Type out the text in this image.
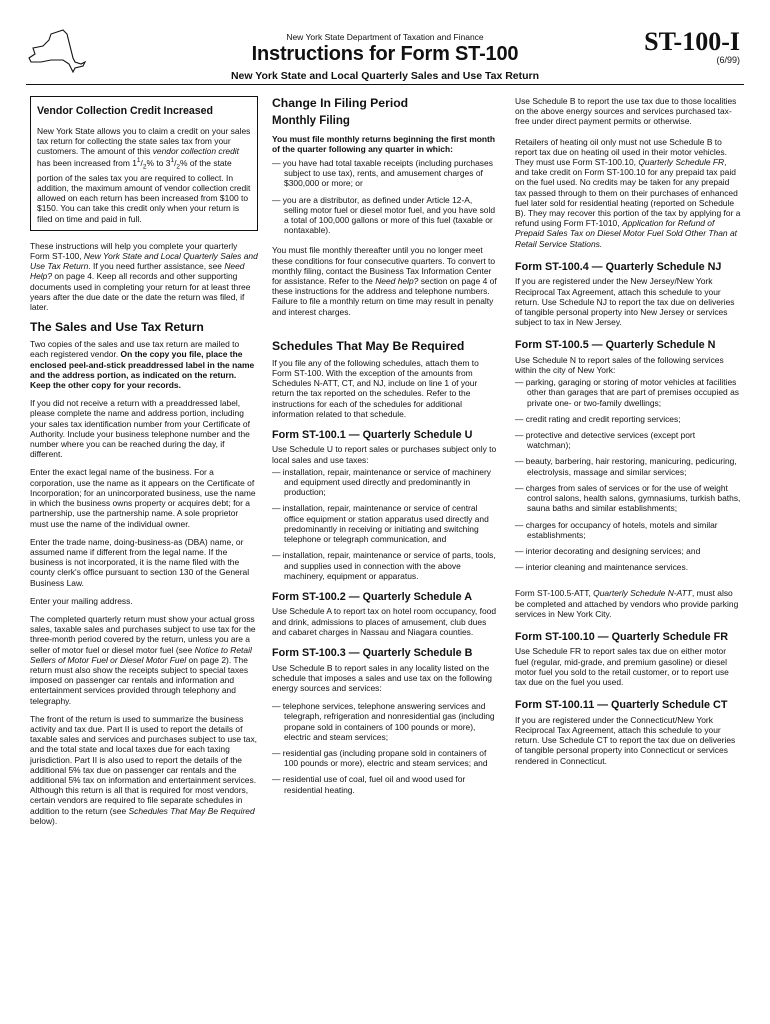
New York State Department of Taxation and Finance
Instructions for Form ST-100
New York State and Local Quarterly Sales and Use Tax Return
ST-100-I
(6/99)
Vendor Collection Credit Increased

New York State allows you to claim a credit on your sales tax return for collecting the state sales tax from your customers. The amount of this vendor collection credit has been increased from $1^1/_2\%$ to $3^1/_2\%$ of the state portion of the sales tax you are required to collect. In addition, the maximum amount of vendor collection credit allowed on each return has been increased from $100 to $150. You can take this credit only when your return is filed on time and paid in full.

These instructions will help you complete your quarterly Form ST-100, New York State and Local Quarterly Sales and Use Tax Return. If you need further assistance, see Need Help? on page 4. Keep all records and other supporting documents used in completing your return for at least three years after the due date or the date the return was filed, if later.

The Sales and Use Tax Return

Two copies of the sales and use tax return are mailed to each registered vendor. On the copy you file, place the enclosed peel-and-stick preaddressed label in the name and the address portion, as indicated on the return. Keep the other copy for your records.

If you did not receive a return with a preaddressed label, please complete the name and address portion, including your sales tax identification number from your Certificate of Authority. Include your business telephone number and the number where you can be reached during the day, if different.

Enter the exact legal name of the business. For a corporation, use the name as it appears on the Certificate of Incorporation; for an unincorporated business, use the name in which the business owns property or acquires debt; for a partnership, use the partnership name. A sole proprietor must use the name of the individual owner.

Enter the trade name, doing-business-as (DBA) name, or assumed name if different from the legal name. If the business is not incorporated, it is the name filed with the county clerk's office pursuant to section 130 of the General Business Law.

Enter your mailing address.

The completed quarterly return must show your actual gross sales, taxable sales and purchases subject to use tax for the three-month period covered by the return, unless you are a seller of motor fuel or diesel motor fuel (see Notice to Retail Sellers of Motor Fuel or Diesel Motor Fuel on page 2). The return must also show the receipts subject to special taxes imposed on passenger car rentals and information and entertainment services provided through telephony and telegraphy.

The front of the return is used to summarize the business activity and tax due. Part II is used to report the details of taxable sales and services and purchases subject to use tax, and the total state and local taxes due for each taxing jurisdiction. Part II is also used to report the details of the additional 5% tax due on passenger car rentals and the additional 5% tax on information and entertainment services. Although this return is all that is required for most vendors, certain vendors are required to file separate schedules in addition to the return (see Schedules That May Be Required below).

Change In Filing Period
Monthly Filing

You must file monthly returns beginning the first month of the quarter following any quarter in which:

— you have had total taxable receipts (including purchases subject to use tax), rents, and amusement charges of $300,000 or more; or
— you are a distributor, as defined under Article 12-A, selling motor fuel or diesel motor fuel, and you have sold a total of 100,000 gallons or more of this fuel (taxable or nontaxable).

You must file monthly thereafter until you no longer meet these conditions for four consecutive quarters. To convert to monthly filing, contact the Business Tax Information Center for assistance. Refer to the Need help? section on page 4 of these instructions for the address and telephone numbers. Failure to file a monthly return on time may result in penalty and interest charges.

Schedules That May Be Required

If you file any of the following schedules, attach them to Form ST-100. With the exception of the amounts from Schedules N-ATT, CT, and NJ, include on line 1 of your return the tax reported on the schedules. Refer to the instructions for each of the schedules for additional information related to that schedule.

Form ST-100.1 — Quarterly Schedule U

Use Schedule U to report sales or purchases subject only to local sales and use taxes:

— installation, repair, maintenance or service of machinery and equipment used directly and predominantly in production;
— installation, repair, maintenance or service of central office equipment or station apparatus used directly and predominantly in receiving or initiating and switching telephone or telegraph communication, and
— installation, repair, maintenance or service of parts, tools, and supplies used in connection with the above machinery, equipment or apparatus.
Form ST-100.2 — Quarterly Schedule A

Use Schedule A to report tax on hotel room occupancy, food and drink, admissions to places of amusement, club dues and cabaret charges in Nassau and Niagara counties.

Form ST-100.3 — Quarterly Schedule B

Use Schedule B to report sales in any locality listed on the schedule that imposes a sales and use tax on the following energy sources and services:

— telephone services, telephone answering services and telegraph, refrigeration and nonresidential gas (including propane sold in containers of 100 pounds or more), electric and steam services;
— residential gas (including propane sold in containers of 100 pounds or more), electric and steam services; and
— residential use of coal, fuel oil and wood used for residential heating.

Use Schedule B to report the use tax due to those localities on the above energy sources and services purchased tax-free under direct payment permits or otherwise.

Retailers of heating oil only must not use Schedule B to report tax due on heating oil used in their motor vehicles. They must use Form ST-100.10, Quarterly Schedule FR, and take credit on Form ST-100.10 for any prepaid tax paid on the fuel used. No credits may be taken for any prepaid tax passed through to them on their purchases of enhanced fuel later sold for residential heating (reported on Schedule B). They may recover this portion of the tax by applying for a refund using Form FT-1010, Application for Refund of Prepaid Sales Tax on Diesel Motor Fuel Sold Other Than at Retail Service Stations.

Form ST-100.4 — Quarterly Schedule NJ

If you are registered under the New Jersey/New York Reciprocal Tax Agreement, attach this schedule to your return. Use Schedule NJ to report the tax due on deliveries of tangible personal property into New Jersey or services subject to tax in New Jersey.

Form ST-100.5 — Quarterly Schedule N

Use Schedule N to report sales of the following services within the city of New York:

— parking, garaging or storing of motor vehicles at facilities other than garages that are part of premises occupied as private one- or two-family dwellings;
— credit rating and credit reporting services;
— protective and detective services (except port watchman);
— beauty, barbering, hair restoring, manicuring, pedicuring, electrolysis, massage and similar services;
— charges from sales of services or for the use of weight control salons, health salons, gymnasiums, turkish baths, sauna baths and similar establishments;
— charges for occupancy of hotels, motels and similar establishments;
— interior decorating and designing services; and
— interior cleaning and maintenance services.

Form ST-100.5-ATT, Quarterly Schedule N-ATT, must also be completed and attached by vendors who provide parking services in New York City.

Form ST-100.10 — Quarterly Schedule FR

Use Schedule FR to report sales tax due on either motor fuel (regular, mid-grade, and premium gasoline) or diesel motor fuel you sold to the retail customer, or to report use tax due on the fuel you used.

Form ST-100.11 — Quarterly Schedule CT

If you are registered under the Connecticut/New York Reciprocal Tax Agreement, attach this schedule to your return. Use Schedule CT to report the tax due on deliveries of tangible personal property into Connecticut or services rendered in Connecticut.
